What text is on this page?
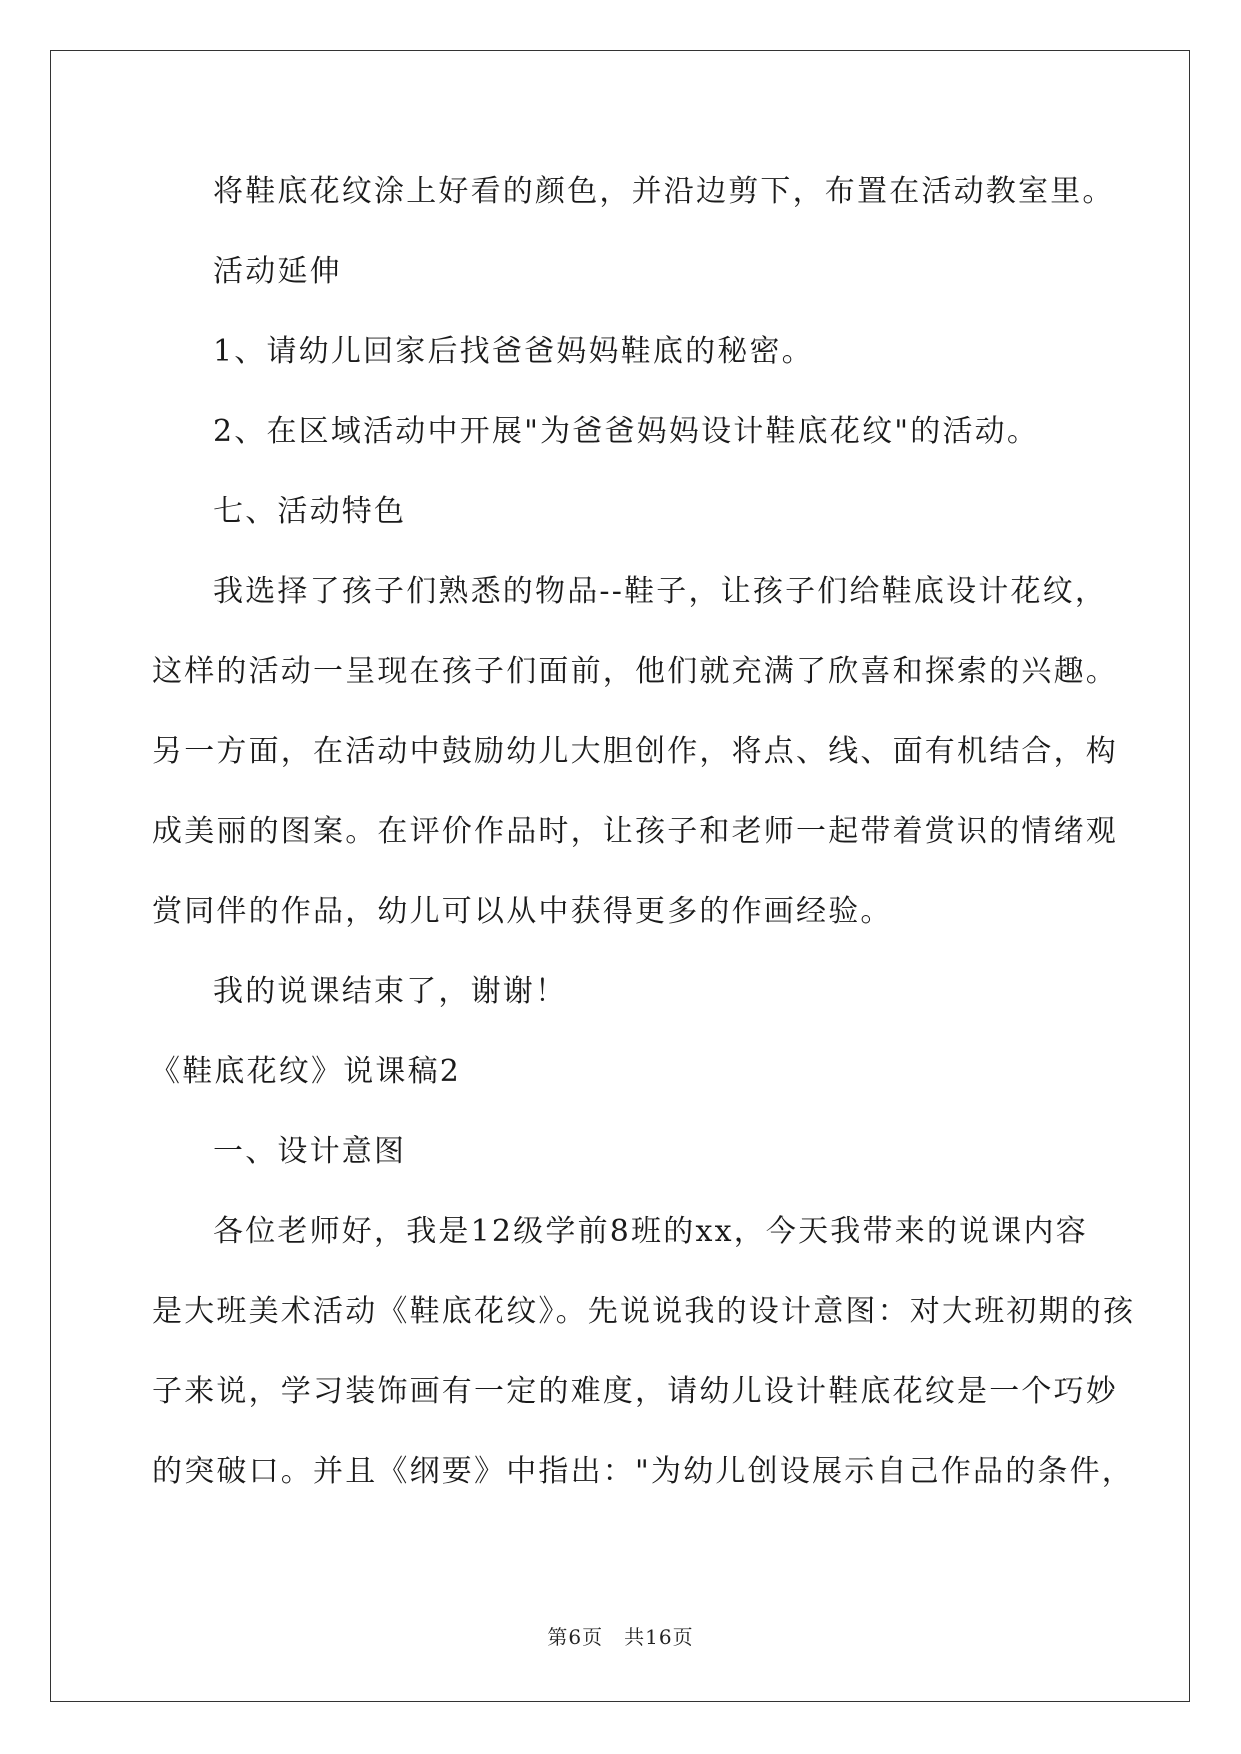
将鞋底花纹涂上好看的颜色，并沿边剪下，布置在活动教室里。
活动延伸
1、请幼儿回家后找爸爸妈妈鞋底的秘密。
2、在区域活动中开展"为爸爸妈妈设计鞋底花纹"的活动。
七、活动特色
我选择了孩子们熟悉的物品--鞋子，让孩子们给鞋底设计花纹，
这样的活动一呈现在孩子们面前，他们就充满了欣喜和探索的兴趣。
另一方面，在活动中鼓励幼儿大胆创作，将点、线、面有机结合，构
成美丽的图案。在评价作品时，让孩子和老师一起带着赏识的情绪观
赏同伴的作品，幼儿可以从中获得更多的作画经验。
我的说课结束了，谢谢！
《鞋底花纹》说课稿2
一、设计意图
各位老师好，我是12级学前8班的xx，今天我带来的说课内容
是大班美术活动《鞋底花纹》。先说说我的设计意图：对大班初期的孩
子来说，学习装饰画有一定的难度，请幼儿设计鞋底花纹是一个巧妙
的突破口。并且《纲要》中指出："为幼儿创设展示自己作品的条件，
第6页　共16页
